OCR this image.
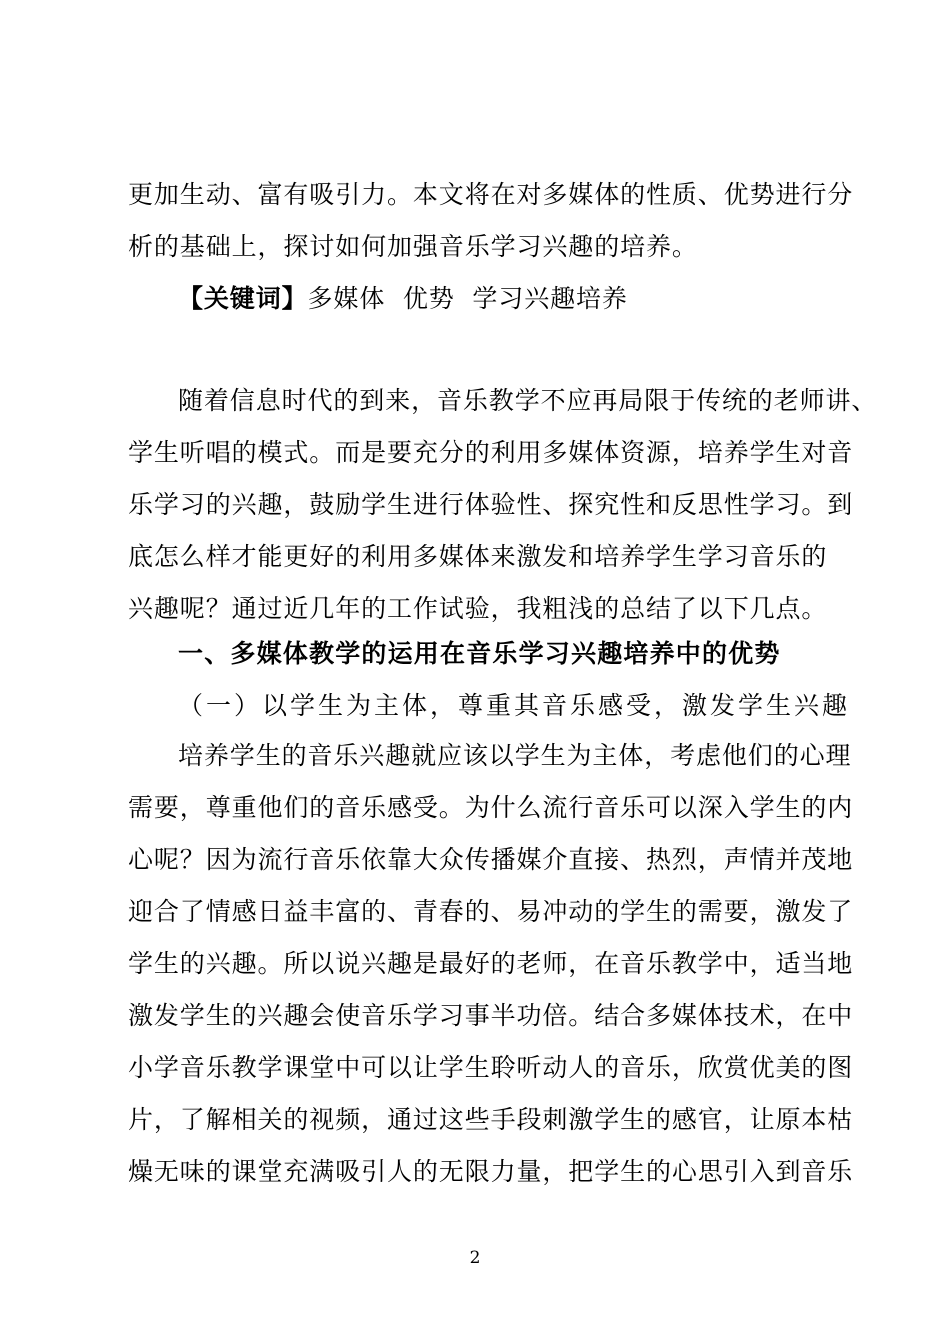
更加生动、富有吸引力。本文将在对多媒体的性质、优势进行分
析的基础上，探讨如何加强音乐学习兴趣的培养。
【关键词】多媒体  优势  学习兴趣培养
随着信息时代的到来，音乐教学不应再局限于传统的老师讲、
学生听唱的模式。而是要充分的利用多媒体资源，培养学生对音
乐学习的兴趣，鼓励学生进行体验性、探究性和反思性学习。到
底怎么样才能更好的利用多媒体来激发和培养学生学习音乐的
兴趣呢？通过近几年的工作试验，我粗浅的总结了以下几点。
一、多媒体教学的运用在音乐学习兴趣培养中的优势
（一）以学生为主体，尊重其音乐感受，激发学生兴趣
培养学生的音乐兴趣就应该以学生为主体，考虑他们的心理
需要，尊重他们的音乐感受。为什么流行音乐可以深入学生的内
心呢？因为流行音乐依靠大众传播媒介直接、热烈，声情并茂地
迎合了情感日益丰富的、青春的、易冲动的学生的需要，激发了
学生的兴趣。所以说兴趣是最好的老师，在音乐教学中，适当地
激发学生的兴趣会使音乐学习事半功倍。结合多媒体技术，在中
小学音乐教学课堂中可以让学生聆听动人的音乐，欣赏优美的图
片，了解相关的视频，通过这些手段刺激学生的感官，让原本枯
燥无味的课堂充满吸引人的无限力量，把学生的心思引入到音乐
2
